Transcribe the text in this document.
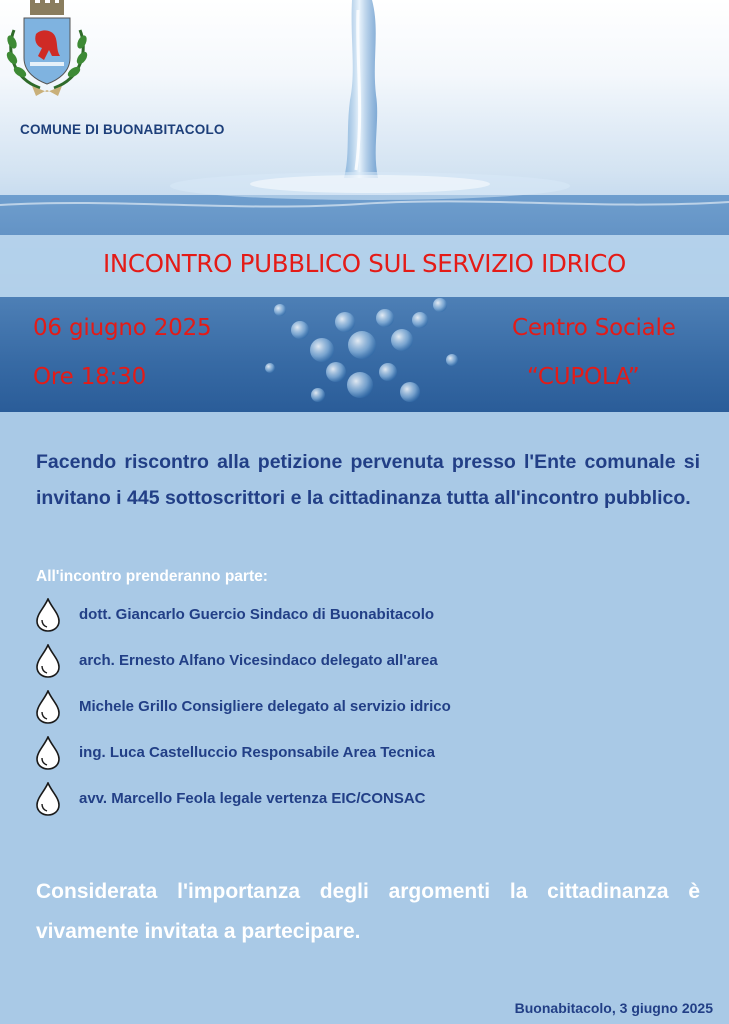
COMUNE DI BUONABITACOLO
INCONTRO PUBBLICO SUL SERVIZIO IDRICO
06 giugno 2025
Ore 18:30
Centro Sociale
“CUPOLA”
Facendo riscontro alla petizione pervenuta presso l'Ente comunale si invitano i 445 sottoscrittori e la cittadinanza tutta all'incontro pubblico.
All'incontro prenderanno parte:
dott. Giancarlo Guercio Sindaco di Buonabitacolo
arch. Ernesto Alfano Vicesindaco delegato all'area
Michele Grillo Consigliere delegato al servizio idrico
ing. Luca Castelluccio Responsabile Area Tecnica
avv. Marcello Feola legale vertenza EIC/CONSAC
Considerata l'importanza degli argomenti la cittadinanza è vivamente invitata a partecipare.
Buonabitacolo, 3 giugno 2025
